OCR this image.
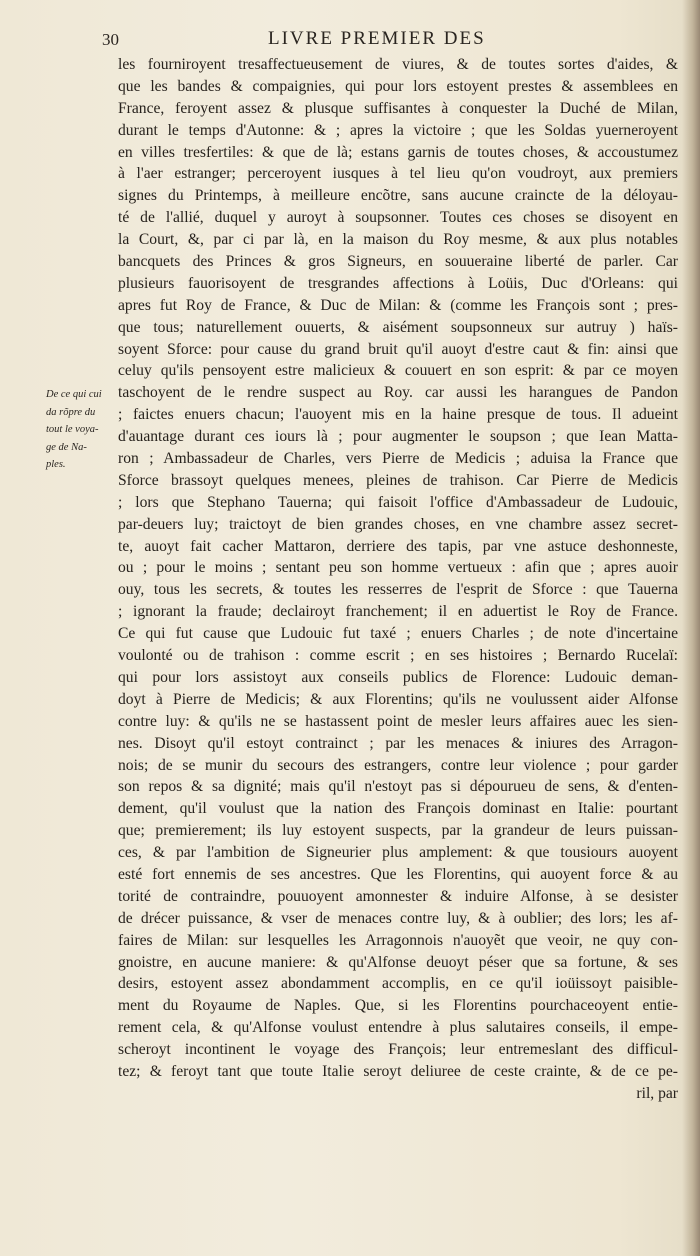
30	LIVRE PREMIER DES
De ce qui cui
da rõpre du
tout le voya-
ge de Na-
ples.
les fourniroyent tresaffectueusement de viures, & de toutes sortes d'aides, &
que les bandes & compaignies, qui pour lors estoyent prestes & assemblees en
France, feroyent assez & plusque suffisantes à conquester la Duché de Milan,
durant le temps d'Autonne: & ; apres la victoire ; que les Soldas yuerneroyent
en villes tresfertiles: & que de là; estans garnis de toutes choses, & accoustumez
à l'aer estranger; perceroyent iusques à tel lieu qu'on voudroyt, aux premiers
signes du Printemps, à meilleure encõtre, sans aucune craincte de la déloyau-
té de l'allié, duquel y auroyt à soupsonner. Toutes ces choses se disoyent en
la Court, &, par ci par là, en la maison du Roy mesme, & aux plus notables
bancquets des Princes & gros Signeurs, en souueraine liberté de parler. Car
plusieurs fauorisoyent de tresgrandes affections à Loüis, Duc d'Orleans: qui
apres fut Roy de France, & Duc de Milan: & (comme les François sont ; pres-
que tous; naturellement ouuerts, & aisément soupsonneux sur autruy ) haïs-
soyent Sforce: pour cause du grand bruit qu'il auoyt d'estre caut & fin: ainsi que
celuy qu'ils pensoyent estre malicieux & couuert en son esprit: & par ce moyen
taschoyent de le rendre suspect au Roy. car aussi les harangues de Pandon
; faictes enuers chacun; l'auoyent mis en la haine presque de tous. Il adueint
d'auantage durant ces iours là ; pour augmenter le soupson ; que Iean Matta-
ron ; Ambassadeur de Charles, vers Pierre de Medicis ; aduisa la France que
Sforce brassoyt quelques menees, pleines de trahison. Car Pierre de Medicis
; lors que Stephano Tauerna; qui faisoit l'office d'Ambassadeur de Ludouic,
par-deuers luy; traictoyt de bien grandes choses, en vne chambre assez secret-
te, auoyt fait cacher Mattaron, derriere des tapis, par vne astuce deshonneste,
ou ; pour le moins ; sentant peu son homme vertueux : afin que ; apres auoir
ouy, tous les secrets, & toutes les resserres de l'esprit de Sforce : que Tauerna
; ignorant la fraude; declairoyt franchement; il en aduertist le Roy de France.
Ce qui fut cause que Ludouic fut taxé ; enuers Charles ; de note d'incertaine
voulonté ou de trahison : comme escrit ; en ses histoires ; Bernardo Rucelaï:
qui pour lors assistoyt aux conseils publics de Florence: Ludouic deman-
doyt à Pierre de Medicis; & aux Florentins; qu'ils ne voulussent aider Alfonse
contre luy: & qu'ils ne se hastassent point de mesler leurs affaires auec les sien-
nes. Disoyt qu'il estoyt contrainct ; par les menaces & iniures des Arragon-
nois; de se munir du secours des estrangers, contre leur violence ; pour garder
son repos & sa dignité; mais qu'il n'estoyt pas si dépourueu de sens, & d'enten-
dement, qu'il voulust que la nation des François dominast en Italie: pourtant
que; premierement; ils luy estoyent suspects, par la grandeur de leurs puissan-
ces, & par l'ambition de Signeurier plus amplement: & que tousiours auoyent
esté fort ennemis de ses ancestres. Que les Florentins, qui auoyent force & au
torité de contraindre, pouuoyent amonnester & induire Alfonse, à se desister
de drécer puissance, & vser de menaces contre luy, & à oublier; des lors; les af-
faires de Milan: sur lesquelles les Arragonnois n'auoyẽt que veoir, ne quy con-
gnoistre, en aucune maniere: & qu'Alfonse deuoyt péser que sa fortune, & ses
desirs, estoyent assez abondamment accomplis, en ce qu'il ioüissoyt paisible-
ment du Royaume de Naples. Que, si les Florentins pourchaceoyent entie-
rement cela, & qu'Alfonse voulust entendre à plus salutaires conseils, il empe-
scheroyt incontinent le voyage des François; leur entremeslant des difficul-
tez; & feroyt tant que toute Italie seroyt deliuree de ceste crainte, & de ce pe-
ril, par
